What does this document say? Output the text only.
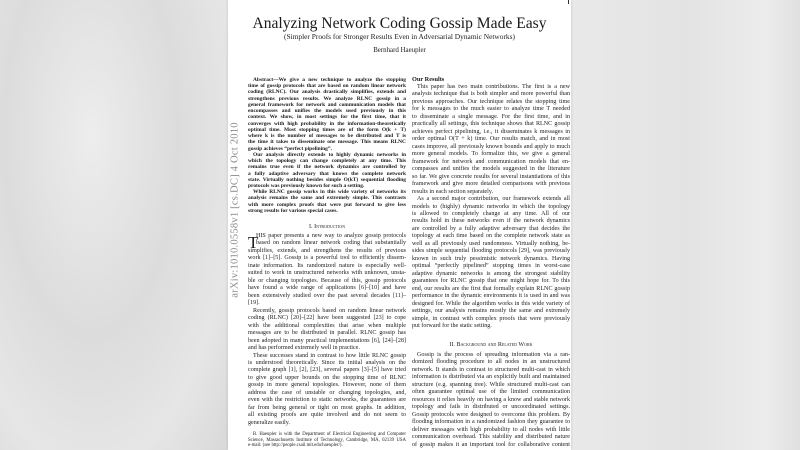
arXiv:1010.0558v1 [cs.DC] 4 Oct 2010
Analyzing Network Coding Gossip Made Easy
(Simpler Proofs for Stronger Results Even in Adversarial Dynamic Networks)
Bernhard Haeupler
Abstract—We give a new technique to analyze the stopping
time of gossip protocols that are based on random linear network
coding (RLNC). Our analysis drastically simplifies, extends and
strengthens previous results. We analyze RLNC gossip in a
general framework for network and communication models that
encompasses and unifies the models used previously in this
context. We show, in most settings for the first time, that it
converges with high probability in the information-theoretically
optimal time. Most stopping times are of the form O(k + T)
where k is the number of messages to be distributed and T is
the time it takes to disseminate one message. This means RLNC
gossip achieves “perfect pipelining”.
Our analysis directly extends to highly dynamic networks in
which the topology can change completely at any time. This
remains true even if the network dynamics are controlled by
a fully adaptive adversary that knows the complete network
state. Virtually nothing besides simple O(kT) sequential flooding
protocols was previously known for such a setting.
While RLNC gossip works in this wide variety of networks its
analysis remains the same and extremely simple. This contrasts
with more complex proofs that were put forward to give less
strong results for various special cases.
I. Introduction
T
HIS paper presents a new way to analyze gossip protocols
based on random linear network coding that substantially
simplifies, extends, and strengthens the results of previous
work [1]–[5]. Gossip is a powerful tool to efficiently dissem-
inate information. Its randomized nature is especially well-
suited to work in unstructured networks with unknown, unsta-
ble or changing topologies. Because of this, gossip protocols
have found a wide range of applications [6]–[10] and have
been extensively studied over the past several decades [11]–
[19].
Recently, gossip protocols based on random linear network
coding (RLNC) [20]–[22] have been suggested [23] to cope
with the additional complexities that arise when multiple
messages are to be distributed in parallel. RLNC gossip has
been adopted in many practical implementations [6], [24]–[28]
and has performed extremely well in practice.
These successes stand in contrast to how little RLNC gossip
is understood theoretically. Since its initial analysis on the
complete graph [1], [2], [23], several papers [3]–[5] have tried
to give good upper bounds on the stopping time of RLNC
gossip in more general topologies. However, none of them
address the case of unstable or changing topologies, and,
even with the restriction to static networks, the guarantees are
far from being general or tight on most graphs. In addition,
all existing proofs are quite involved and do not seem to
generalize easily.
B. Haeupler is with the Department of Electrical Engineering and Computer
Science, Massachusetts Institute of Technology, Cambridge, MA, 02139 USA
e-mail: (see http://people.csail.mit.edu/haeupler/).
Our Results
This paper has two main contributions. The first is a new
analysis technique that is both simpler and more powerful than
previous approaches. Our technique relates the stopping time
for k messages to the much easier to analyze time T needed
to disseminate a single message. For the first time, and in
practically all settings, this technique shows that RLNC gossip
achieves perfect pipelining, i.e., it disseminates k messages in
order optimal O(T + k) time. Our results match, and in most
cases improve, all previously known bounds and apply to much
more general models. To formalize this, we give a general
framework for network and communication models that en-
compasses and unifies the models suggested in the literature
so far. We give concrete results for several instantiations of this
framework and give more detailed comparisons with previous
results in each section separately.
As a second major contribution, our framework extends all
models to (highly) dynamic networks in which the topology
is allowed to completely change at any time. All of our
results hold in these networks even if the network dynamics
are controlled by a fully adaptive adversary that decides the
topology at each time based on the complete network state as
well as all previously used randomness. Virtually nothing, be-
sides simple sequential flooding protocols [29], was previously
known in such truly pessimistic network dynamics. Having
optimal “perfectly pipelined” stopping times in worst-case
adaptive dynamic networks is among the strongest stability
guarantees for RLNC gossip that one might hope for. To this
end, our results are the first that formally explain RLNC gossip
performance in the dynamic environments it is used in and was
designed for. While the algorithm works in this wide variety of
settings, our analysis remains mostly the same and extremely
simple, in contrast with complex proofs that were previously
put forward for the static setting.
II. Background and Related Work
Gossip is the process of spreading information via a ran-
domized flooding procedure to all nodes in an unstructured
network. It stands in contrast to structured multi-cast in which
information is distributed via an explicitly built and maintained
structure (e.g. spanning tree). While structured multi-cast can
often guarantee optimal use of the limited communication
resources it relies heavily on having a know and stable network
topology and fails in distributed or uncoordinated settings.
Gossip protocols were designed to overcome this problem. By
flooding information in a randomized fashion they guarantee to
deliver messages with high probability to all nodes with little
communication overhead. This stability and distributed nature
of gossip makes it an important tool for collaborative content
